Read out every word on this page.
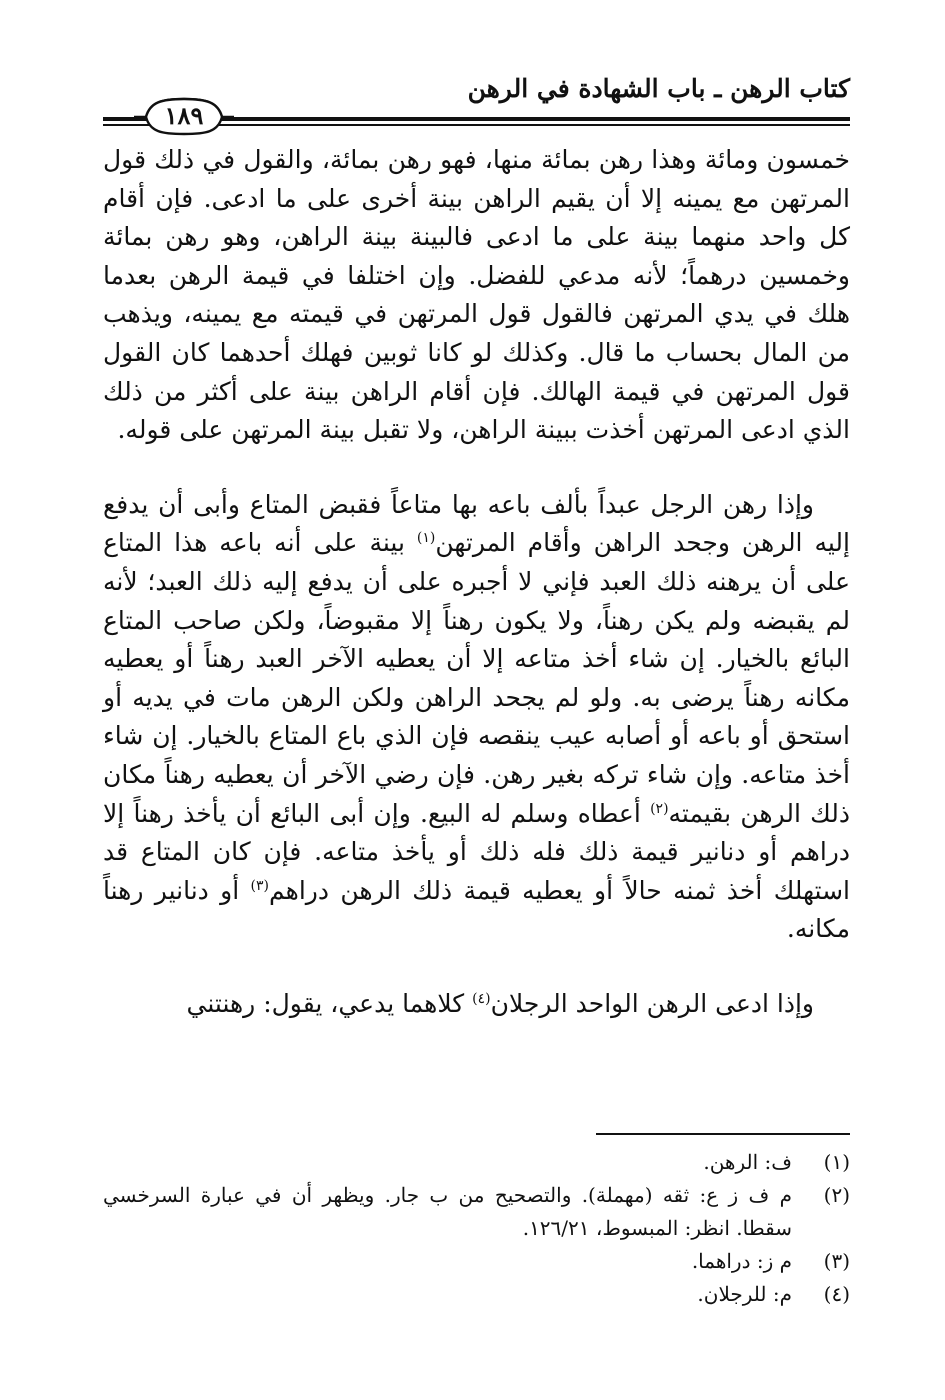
كتاب الرهن ـ باب الشهادة في الرهن
١٨٩

خمسون ومائة وهذا رهن بمائة منها، فهو رهن بمائة، والقول في ذلك قول المرتهن مع يمينه إلا أن يقيم الراهن بينة أخرى على ما ادعى. فإن أقام كل واحد منهما بينة على ما ادعى فالبينة بينة الراهن، وهو رهن بمائة وخمسين درهماً؛ لأنه مدعي للفضل. وإن اختلفا في قيمة الرهن بعدما هلك في يدي المرتهن فالقول قول المرتهن في قيمته مع يمينه، ويذهب من المال بحساب ما قال. وكذلك لو كانا ثوبين فهلك أحدهما كان القول قول المرتهن في قيمة الهالك. فإن أقام الراهن بينة على أكثر من ذلك الذي ادعى المرتهن أخذت ببينة الراهن، ولا تقبل بينة المرتهن على قوله.

وإذا رهن الرجل عبداً بألف باعه بها متاعاً فقبض المتاع وأبى أن يدفع إليه الرهن وجحد الراهن وأقام المرتهن$^{(١)}$ بينة على أنه باعه هذا المتاع على أن يرهنه ذلك العبد فإني لا أجبره على أن يدفع إليه ذلك العبد؛ لأنه لم يقبضه ولم يكن رهناً، ولا يكون رهناً إلا مقبوضاً، ولكن صاحب المتاع البائع بالخيار. إن شاء أخذ متاعه إلا أن يعطيه الآخر العبد رهناً أو يعطيه مكانه رهناً يرضى به. ولو لم يجحد الراهن ولكن الرهن مات في يديه أو استحق أو باعه أو أصابه عيب ينقصه فإن الذي باع المتاع بالخيار. إن شاء أخذ متاعه. وإن شاء تركه بغير رهن. فإن رضي الآخر أن يعطيه رهناً مكان ذلك الرهن بقيمته$^{(٢)}$ أعطاه وسلم له البيع. وإن أبى البائع أن يأخذ رهناً إلا دراهم أو دنانير قيمة ذلك فله ذلك أو يأخذ متاعه. فإن كان المتاع قد استهلك أخذ ثمنه حالاً أو يعطيه قيمة ذلك الرهن دراهم$^{(٣)}$ أو دنانير رهناً مكانه.

وإذا ادعى الرهن الواحد الرجلان$^{(٤)}$ كلاهما يدعي، يقول: رهنتني

(١)
ف: الرهن.
(٢)
م ف ز ع: ثقه (مهملة). والتصحيح من ب جار. ويظهر أن في عبارة السرخسي سقطا. انظر: المبسوط، ١٢٦/٢١.
(٣)
م ز: دراهما.
(٤)
م: للرجلان.
